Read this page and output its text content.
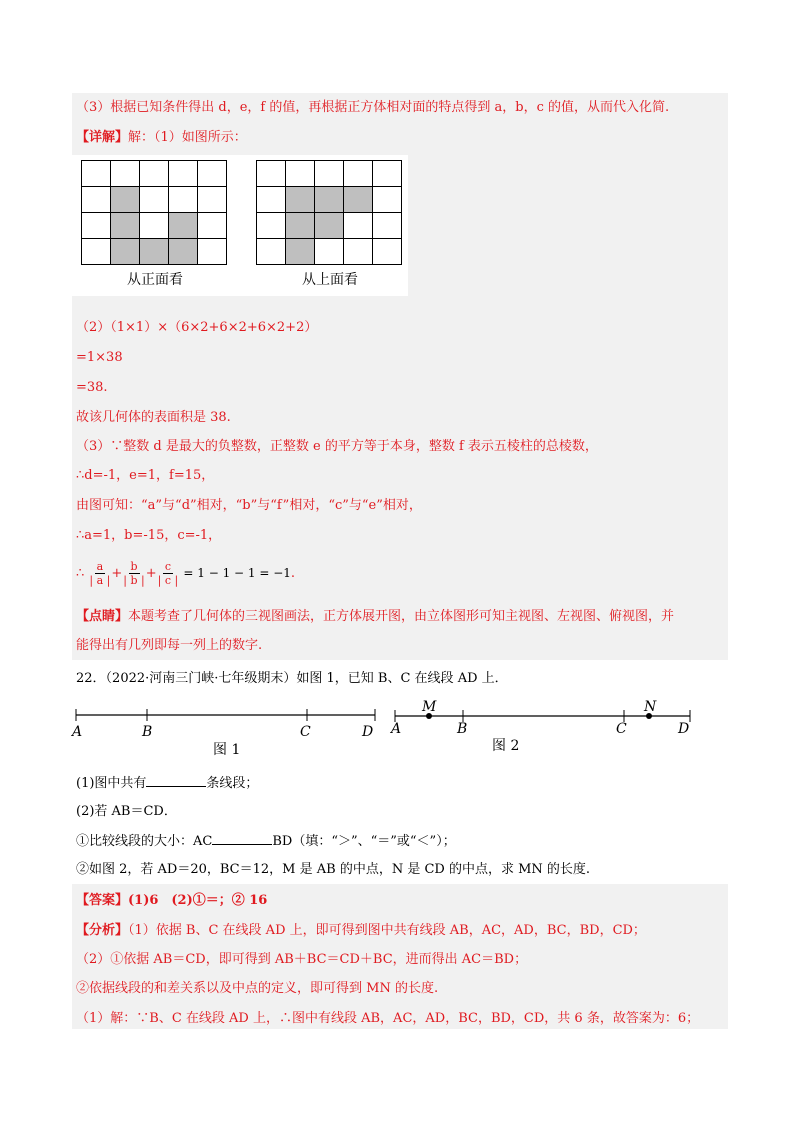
（3）根据已知条件得出 d，e，f 的值，再根据正方体相对面的特点得到 a，b，c 的值，从而代入化简.
【详解】解：（1）如图所示：

从正面看	从上面看
（2）（1×1）×（6×2+6×2+6×2+2）
=1×38
=38.
故该几何体的表面积是 38.
（3）∵整数 d 是最大的负整数，正整数 e 的平方等于本身，整数 f 表示五棱柱的总棱数，
∴d=-1，e=1，f=15，
由图可知：“a”与“d”相对，“b”与“f”相对，“c”与“e”相对，
∴a=1，b=-15，c=-1，
∴ $\frac{a}{| a |} + \frac{b}{| b |} + \frac{c}{| c |} = 1 - 1 - 1 = -1$.
【点睛】本题考查了几何体的三视图画法，正方体展开图，由立体图形可知主视图、左视图、俯视图，并
能得出有几列即每一列上的数字.
22．（2022·河南三门峡·七年级期末）如图 1，已知 B、C 在线段 AD 上．
A	B	C	D
图 1
M	N
A	B	C	D
图 2
(1)图中共有	条线段；
(2)若 AB＝CD．
①比较线段的大小：AC	BD（填：“＞”、“＝”或“＜”）；
②如图 2，若 AD＝20，BC＝12，M 是 AB 的中点，N 是 CD 的中点，求 MN 的长度.
【答案】(1)6　(2)①＝；② 16
【分析】（1）依据 B、C 在线段 AD 上，即可得到图中共有线段 AB，AC，AD，BC，BD，CD；
（2）①依据 AB＝CD，即可得到 AB＋BC＝CD＋BC，进而得出 AC＝BD；
②依据线段的和差关系以及中点的定义，即可得到 MN 的长度.
（1）解：∵B、C 在线段 AD 上，∴图中有线段 AB，AC，AD，BC，BD，CD，共 6 条，故答案为：6；
